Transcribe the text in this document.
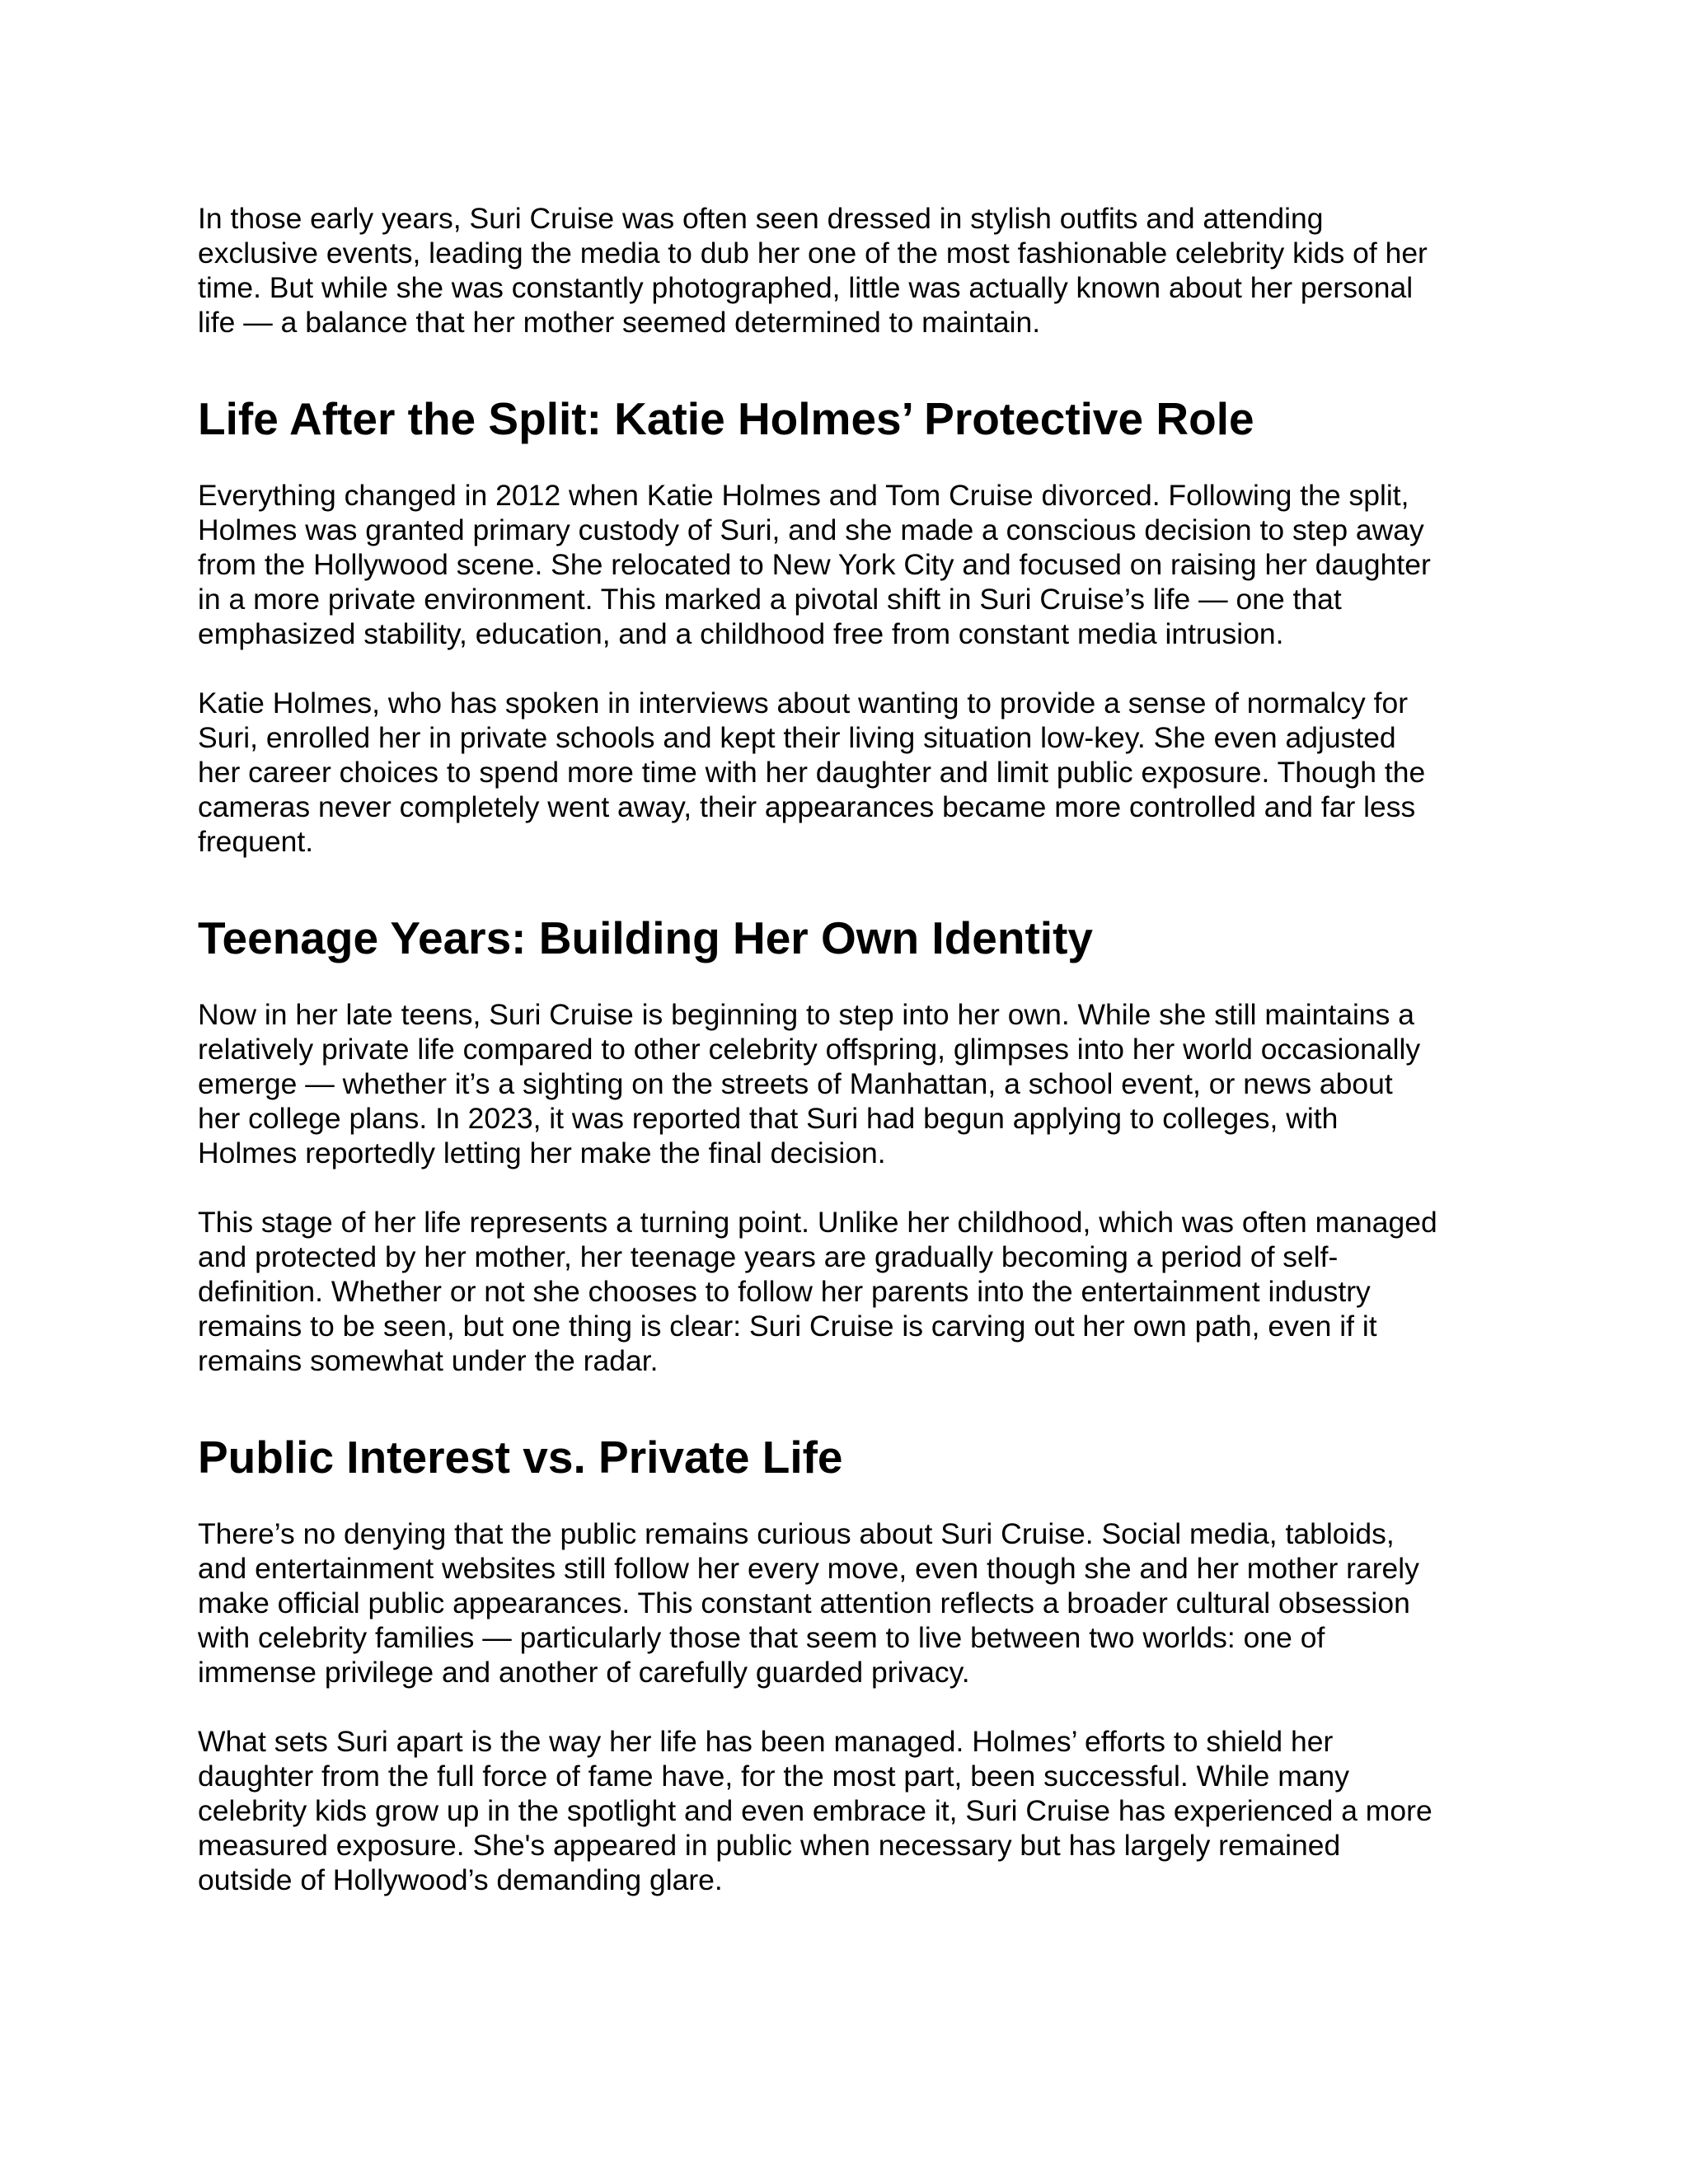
In those early years, Suri Cruise was often seen dressed in stylish outfits and attending
exclusive events, leading the media to dub her one of the most fashionable celebrity kids of her
time. But while she was constantly photographed, little was actually known about her personal
life — a balance that her mother seemed determined to maintain.

Life After the Split: Katie Holmes’ Protective Role

Everything changed in 2012 when Katie Holmes and Tom Cruise divorced. Following the split,
Holmes was granted primary custody of Suri, and she made a conscious decision to step away
from the Hollywood scene. She relocated to New York City and focused on raising her daughter
in a more private environment. This marked a pivotal shift in Suri Cruise’s life — one that
emphasized stability, education, and a childhood free from constant media intrusion.

Katie Holmes, who has spoken in interviews about wanting to provide a sense of normalcy for
Suri, enrolled her in private schools and kept their living situation low-key. She even adjusted
her career choices to spend more time with her daughter and limit public exposure. Though the
cameras never completely went away, their appearances became more controlled and far less
frequent.

Teenage Years: Building Her Own Identity

Now in her late teens, Suri Cruise is beginning to step into her own. While she still maintains a
relatively private life compared to other celebrity offspring, glimpses into her world occasionally
emerge — whether it’s a sighting on the streets of Manhattan, a school event, or news about
her college plans. In 2023, it was reported that Suri had begun applying to colleges, with
Holmes reportedly letting her make the final decision.

This stage of her life represents a turning point. Unlike her childhood, which was often managed
and protected by her mother, her teenage years are gradually becoming a period of self-
definition. Whether or not she chooses to follow her parents into the entertainment industry
remains to be seen, but one thing is clear: Suri Cruise is carving out her own path, even if it
remains somewhat under the radar.

Public Interest vs. Private Life

There’s no denying that the public remains curious about Suri Cruise. Social media, tabloids,
and entertainment websites still follow her every move, even though she and her mother rarely
make official public appearances. This constant attention reflects a broader cultural obsession
with celebrity families — particularly those that seem to live between two worlds: one of
immense privilege and another of carefully guarded privacy.

What sets Suri apart is the way her life has been managed. Holmes’ efforts to shield her
daughter from the full force of fame have, for the most part, been successful. While many
celebrity kids grow up in the spotlight and even embrace it, Suri Cruise has experienced a more
measured exposure. She's appeared in public when necessary but has largely remained
outside of Hollywood’s demanding glare.
